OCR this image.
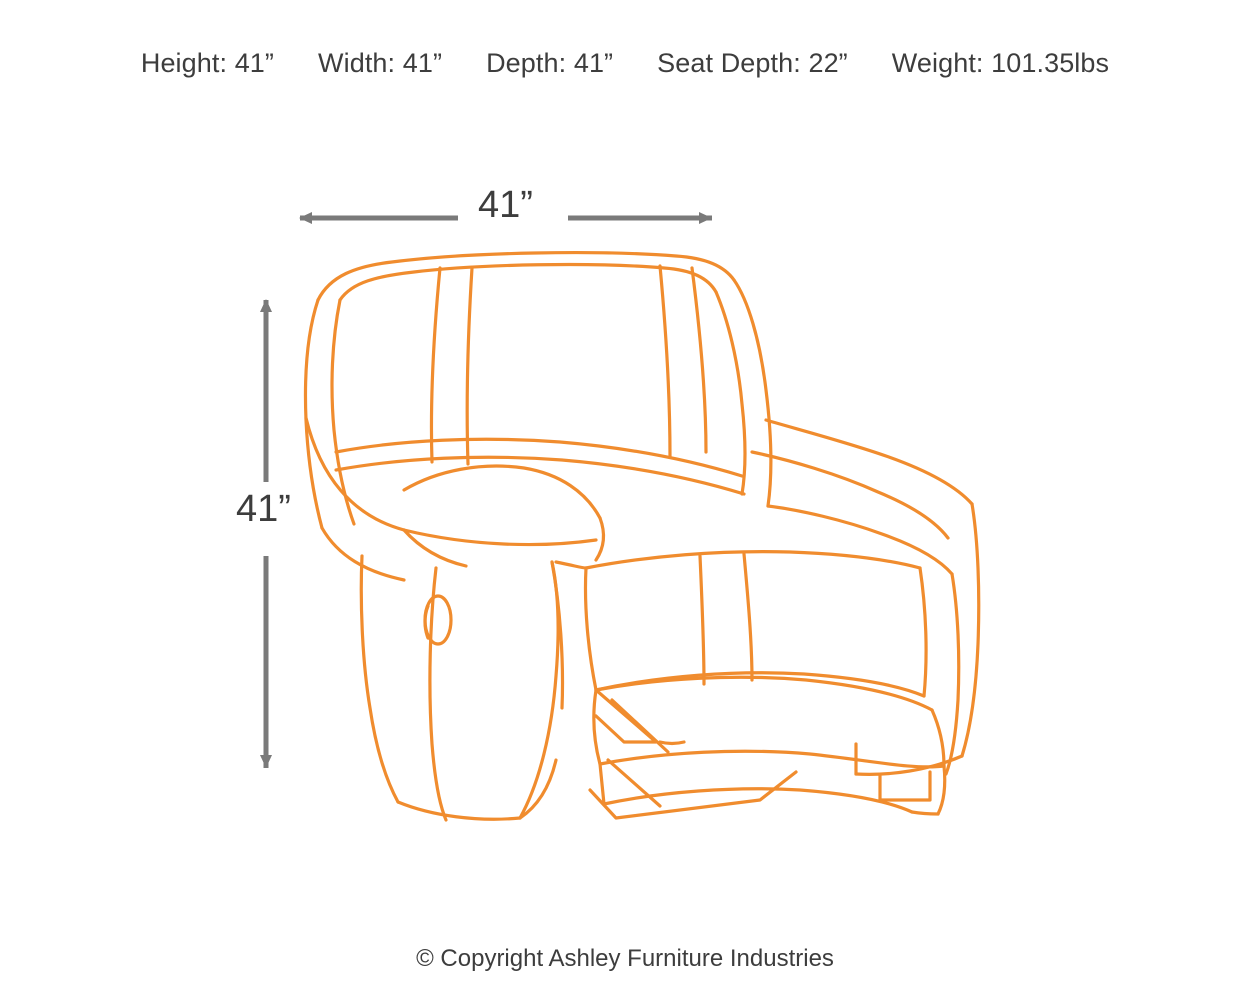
Height: 41” Width: 41” Depth: 41” Seat Depth: 22” Weight: 101.35lbs
41”
41”
© Copyright Ashley Furniture Industries
